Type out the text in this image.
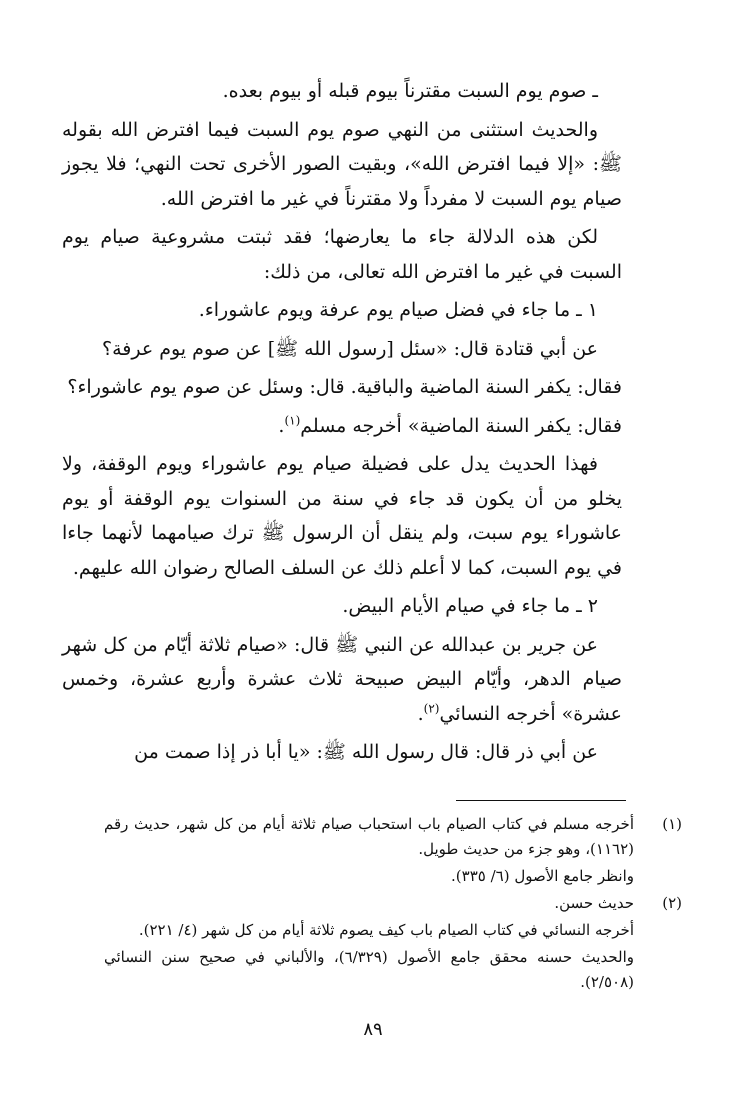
ـ صوم يوم السبت مقترناً بيوم قبله أو بيوم بعده.

والحديث استثنى من النهي صوم يوم السبت فيما افترض الله بقوله ﷺ: «إلا فيما افترض الله»، وبقيت الصور الأخرى تحت النهي؛ فلا يجوز صيام يوم السبت لا مفرداً ولا مقترناً في غير ما افترض الله.

لكن هذه الدلالة جاء ما يعارضها؛ فقد ثبتت مشروعية صيام يوم السبت في غير ما افترض الله تعالى، من ذلك:

١ ـ ما جاء في فضل صيام يوم عرفة ويوم عاشوراء.

عن أبي قتادة قال: «سئل [رسول الله ﷺ] عن صوم يوم عرفة؟

فقال: يكفر السنة الماضية والباقية. قال: وسئل عن صوم يوم عاشوراء؟

فقال: يكفر السنة الماضية» أخرجه مسلم$^{(١)}$.

فهذا الحديث يدل على فضيلة صيام يوم عاشوراء ويوم الوقفة، ولا يخلو من أن يكون قد جاء في سنة من السنوات يوم الوقفة أو يوم عاشوراء يوم سبت، ولم ينقل أن الرسول ﷺ ترك صيامهما لأنهما جاءا في يوم السبت، كما لا أعلم ذلك عن السلف الصالح رضوان الله عليهم.

٢ ـ ما جاء في صيام الأيام البيض.

عن جرير بن عبدالله عن النبي ﷺ قال: «صيام ثلاثة أيّام من كل شهر صيام الدهر، وأيّام البيض صبيحة ثلاث عشرة وأربع عشرة، وخمس عشرة» أخرجه النسائي$^{(٢)}$.

عن أبي ذر قال: قال رسول الله ﷺ: «يا أبا ذر إذا صمت من

(١)
أخرجه مسلم في كتاب الصيام باب استحباب صيام ثلاثة أيام من كل شهر، حديث رقم (١١٦٢)، وهو جزء من حديث طويل.
وانظر جامع الأصول (٦/ ٣٣٥).
(٢)
حديث حسن.
أخرجه النسائي في كتاب الصيام باب كيف يصوم ثلاثة أيام من كل شهر (٤/ ٢٢١).
والحديث حسنه محقق جامع الأصول (٦/٣٢٩)، والألباني في صحيح سنن النسائي (٢/٥٠٨).
٨٩
